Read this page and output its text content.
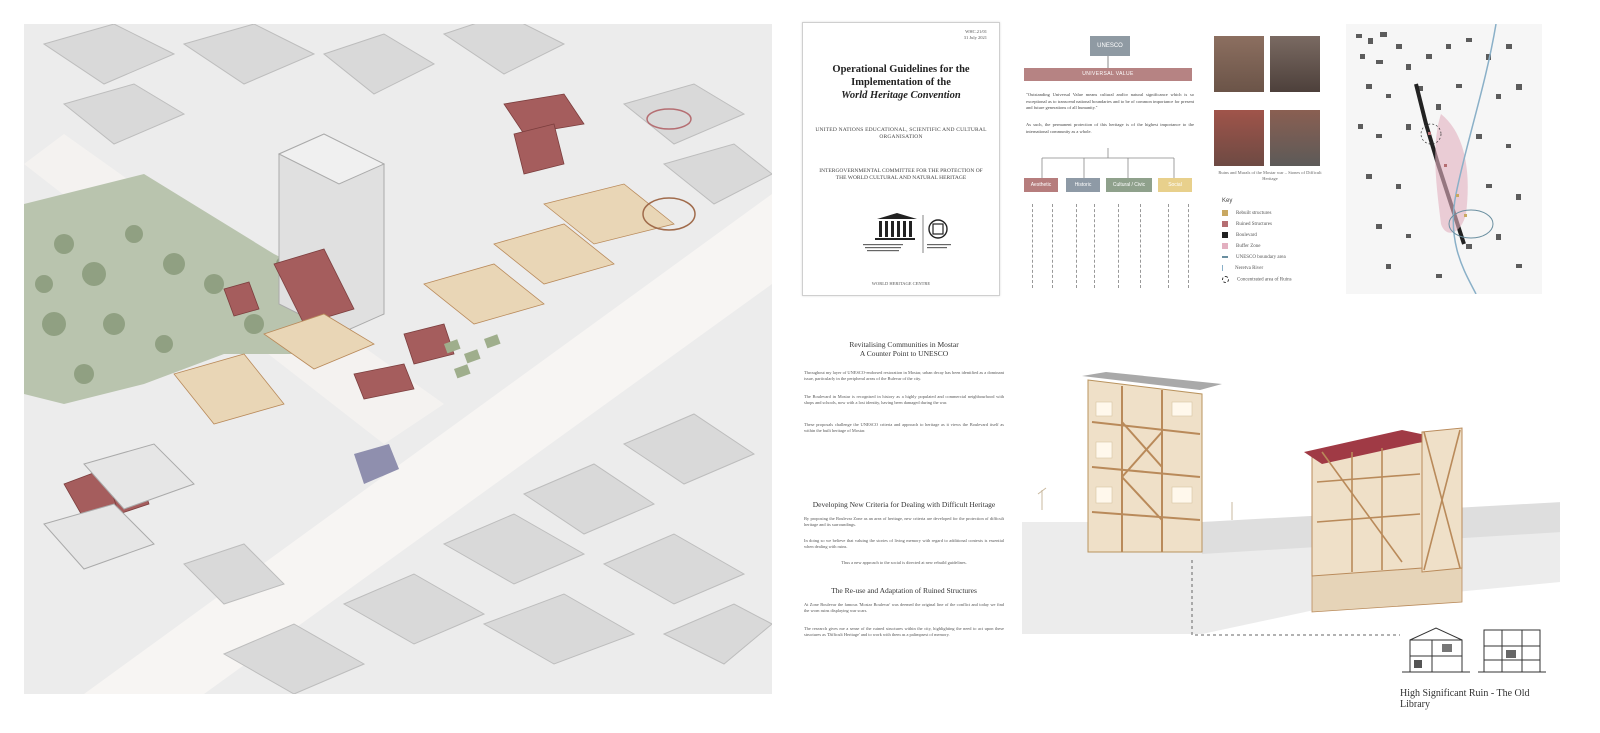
WHC.21/01
31 July 2021
Operational Guidelines for the
Implementation of the
World Heritage Convention
UNITED NATIONS EDUCATIONAL, SCIENTIFIC AND CULTURAL ORGANISATION
INTERGOVERNMENTAL COMMITTEE FOR THE PROTECTION OF THE WORLD CULTURAL AND NATURAL HERITAGE
WORLD HERITAGE CENTRE
UNESCO
UNIVERSAL VALUE
"Outstanding Universal Value means cultural and/or natural significance which is so exceptional as to transcend national boundaries and to be of common importance for present and future generations of all humanity."
As such, the permanent protection of this heritage is of the highest importance to the international community as a whole.
Aesthetic	Historic	Cultural / Civic	Social
Ruins and Murals of the Mostar war – Stones of Difficult Heritage
Key
Rebuilt structures
Ruined Structures
Boulevard
Buffer Zone
UNESCO boundary area
Neretva River
Concentrated area of Ruins
Revitalising Communities in Mostar
A Counter Point to UNESCO
Throughout my layer of UNESCO-endorsed restoration in Mostar, urban decay has been identified as a dominant issue, particularly in the peripheral areas of the Bulevar of the city.
The Boulevard in Mostar is recognised in history as a highly populated and commercial neighbourhood with shops and schools, now with a lost identity, having been damaged during the war.
These proposals challenge the UNESCO criteria and approach to heritage as it views the Boulevard itself as within the built heritage of Mostar.
Developing New Criteria for Dealing with Difficult Heritage
By proposing the Boulevar Zone as an area of heritage, new criteria are developed for the protection of difficult heritage and its surroundings.
In doing so we believe that valuing the stories of living memory with regard to additional contexts is essential when dealing with ruins.
Thus a new approach to the social is directed at new rebuild guidelines.
The Re-use and Adaptation of Ruined Structures
At Zone Boulevar the famous 'Mostar Boulevar' was deemed the original line of the conflict and today we find the worn ruins displaying war scars.
The research gives me a sense of the ruined structures within the city, highlighting the need to act upon these structures as 'Difficult Heritage' and to work with them as a palimpsest of memory.
High Significant Ruin - The Old Library
